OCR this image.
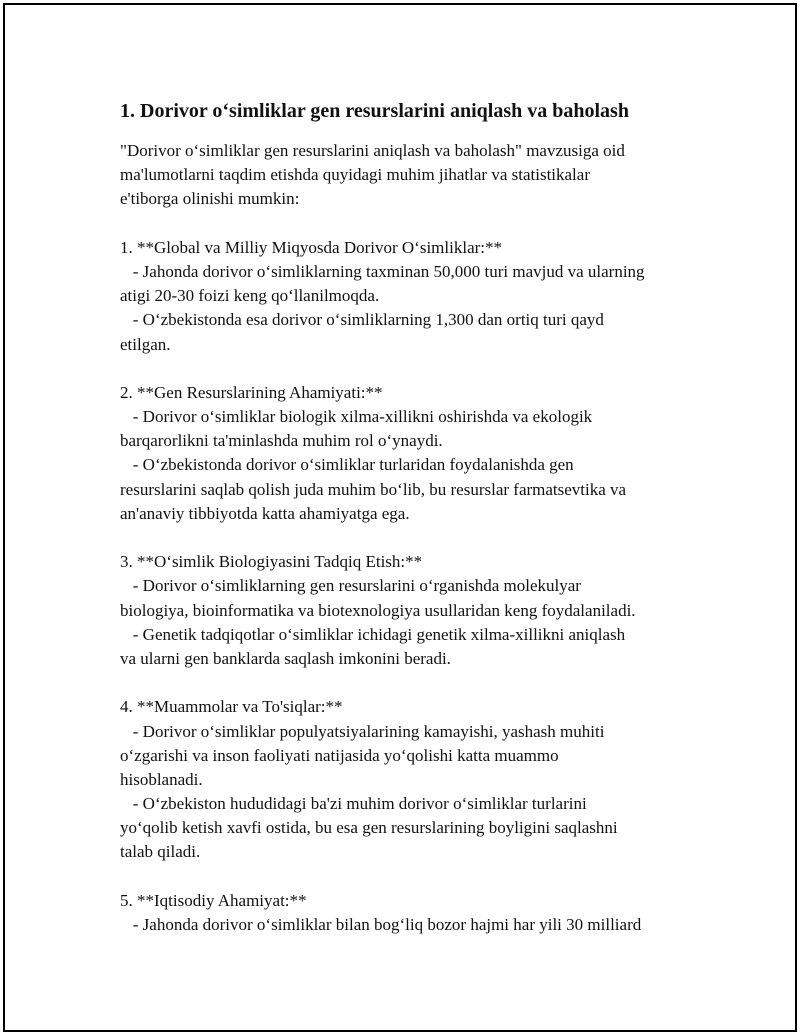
1. Dorivor o‘simliklar gen resurslarini aniqlash va baholash
"Dorivor o‘simliklar gen resurslarini aniqlash va baholash" mavzusiga oid
ma'lumotlarni taqdim etishda quyidagi muhim jihatlar va statistikalar
e'tiborga olinishi mumkin:
1. **Global va Milliy Miqyosda Dorivor O‘simliklar:**
- Jahonda dorivor o‘simliklarning taxminan 50,000 turi mavjud va ularning
atigi 20-30 foizi keng qo‘llanilmoqda.
- O‘zbekistonda esa dorivor o‘simliklarning 1,300 dan ortiq turi qayd
etilgan.
2. **Gen Resurslarining Ahamiyati:**
- Dorivor o‘simliklar biologik xilma-xillikni oshirishda va ekologik
barqarorlikni ta'minlashda muhim rol o‘ynaydi.
- O‘zbekistonda dorivor o‘simliklar turlaridan foydalanishda gen
resurslarini saqlab qolish juda muhim bo‘lib, bu resurslar farmatsevtika va
an'anaviy tibbiyotda katta ahamiyatga ega.
3. **O‘simlik Biologiyasini Tadqiq Etish:**
- Dorivor o‘simliklarning gen resurslarini o‘rganishda molekulyar
biologiya, bioinformatika va biotexnologiya usullaridan keng foydalaniladi.
- Genetik tadqiqotlar o‘simliklar ichidagi genetik xilma-xillikni aniqlash
va ularni gen banklarda saqlash imkonini beradi.
4. **Muammolar va To'siqlar:**
- Dorivor o‘simliklar populyatsiyalarining kamayishi, yashash muhiti
o‘zgarishi va inson faoliyati natijasida yo‘qolishi katta muammo
hisoblanadi.
- O‘zbekiston hududidagi ba'zi muhim dorivor o‘simliklar turlarini
yo‘qolib ketish xavfi ostida, bu esa gen resurslarining boyligini saqlashni
talab qiladi.
5. **Iqtisodiy Ahamiyat:**
- Jahonda dorivor o‘simliklar bilan bog‘liq bozor hajmi har yili 30 milliard
